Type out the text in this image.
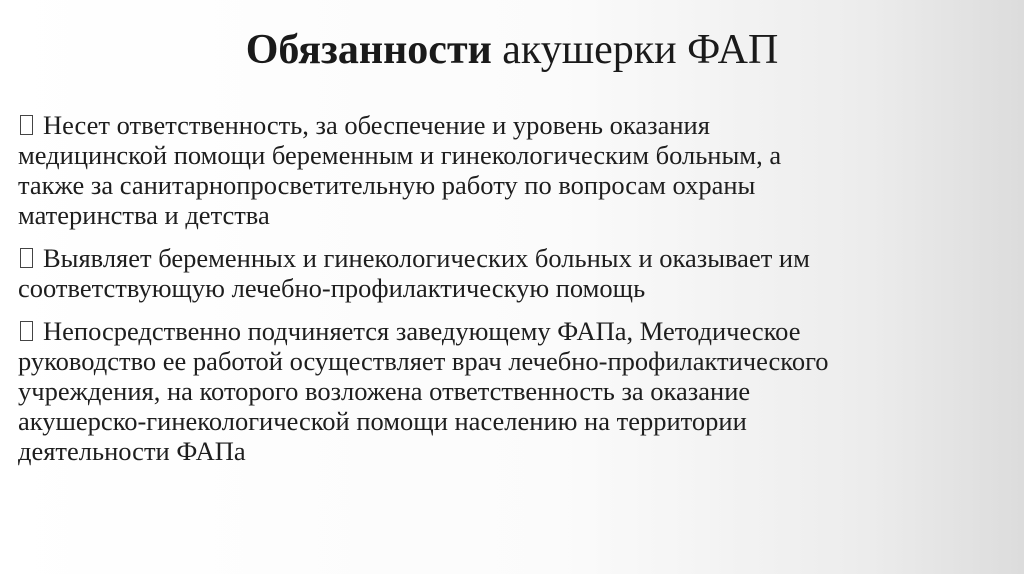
Обязанности акушерки ФАП
Несет ответственность, за обеспечение и уровень оказания
медицинской помощи беременным и гинекологическим больным, а
также за санитарнопросветительную работу по вопросам охраны
материнства и детства
Выявляет беременных и гинекологических больных и оказывает им
соответствующую лечебно-профилактическую помощь
Непосредственно подчиняется заведующему ФАПа, Методическое
руководство ее работой осуществляет врач лечебно-профилактического
учреждения, на которого возложена ответственность за оказание
акушерско-гинекологической помощи населению на территории
деятельности ФАПа
